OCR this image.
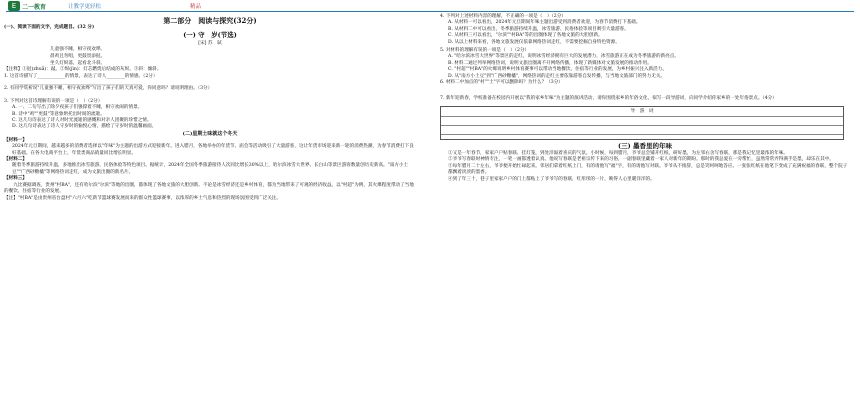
E 二一教育	让教学更轻松	精品
第二部分　阅读与探究(32分)
(一)、阅读下面的文字，完成题目。(32 分)
(一) 守　岁(节选)
[宋] 苏　轼
儿童强不睡，相守夜欢哗。
晨鸡且勿唱，更鼓畏添挝。
坐久灯烬落，起看北斗斜。
【注释】①挝(zhuā)：敲。②烬(jìn)：灯芯燃烧后结成的灰烬。③斜：倾斜。
1. 这首诗描写了____________的情景，表达了诗人________的情感。（2分）
　　________________________________________________________
2. 有同学赏析说"儿童强不睡，相守夜欢哗"写出了孩子们的天真可爱，你同意吗？请说明理由。（3分）
3. 下列对这首诗理解有误的一项是（　）（2分）
A. 一、二句写出了除夕夜孩子们强撑着不睡，相守欢闹的情景。
B. 诗中"鸡""更鼓"等意象烘托出时间的流逝。
C. 这几句诗表达了诗人对时光流逝的感慨和对亲人团聚的珍惜之情。
D. 这几句诗表达了诗人守岁时的愉悦心情，描绘了守岁时的温馨画面。
(二)星期土味就这个冬天
【材料一】
2024年元旦期间，越来越多的消费者选择以"年味"为主题的出游方式迎接新年。进入腊月，各地举办的年货节、庙会等活动吸引了大量游客，这让年货市场迎来新一轮的消费热潮，为春节消费打下良好基础。在各大电商平台上，年货类商品销量同比增长明显。
【材料二】
随着冬季旅游持续升温，多地推出冰雪旅游、民俗体验等特色项目。据统计，2024年全国冬季旅游接待人次同比增长30%以上，哈尔滨冰雪大世界、长白山等景区游客数量创历史新高。"南方小土豆""广西砂糖橘"等网络热词走红，成为文旅出圈的新名片。
【材料三】
　　九比赛据调查，贵州"村BA"，还有哈尔滨"尔滨"等地的出圈，都体现了各地文旅的大胆创新。不论是冰雪经济还是乡村体育，都为当地带来了可观的经济收益。以"村超"为例，其火爆程度带动了当地的餐饮、住宿等行业的发展。
【注】"村BA"是由贵州省台盘村"六月六"吃新节篮球赛发展而来的群众性篮球赛事，以浓厚的乡土气息和热烈的现场氛围受到广泛关注。
4. 下列对上述材料内容的理解，不正确的一项是（　）（2分）
A. 从材料一可以看出，2024年元旦期间年味主题出游受到消费者欢迎，为春节消费打下基础。
B. 从材料二中可以看出，冬季旅游持续升温，冰雪旅游、民俗体验等项目吸引大量游客。
C. 从材料三可以看出，"尔滨""村BA"等的出圈体现了各地文旅的大胆创新。
D. 从以上材料来看，各地文旅发展仅依靠网络热词走红，不需要挖掘自身特色资源。
5. 对材料的理解有误的一项是（　）（2分）
A. "哈尔滨冰雪大世界"等景区的走红，说明冰雪经济拥有巨大的发展潜力，冰雪旅游正在成为冬季旅游的新亮点。
B. 材料二通过列举网络热词，说明文旅出圈离不开网络传播，体现了新媒体对文旅发展的推动作用。
C. "村超""村BA"的火爆说明乡村体育赛事可以带动当地餐饮、住宿等行业的发展，为乡村振兴注入新活力。
D. 从"南方小土豆"到"广西砂糖橘"，网络热词的走红主要依靠游客自发传播，与当地文旅部门的努力无关。
6. 材料二中加点的"村""土"字可以删除吗？为什么？（3分）
7. 新年迎新春，学校准备在校园内开展以"我的家乡年味"为主题的演讲活动，请你围绕家乡的年俗文化，拟写一段导游词，向同学介绍你家乡的一处年俗景点。（4分）
导　游　词
(三) 墨香里的年味
①又是一年春节，家家户户贴春联、挂灯笼，到处洋溢着喜庆的气氛。小时候，每到腊月，爷爷总会铺开红纸，研好墨，为左邻右舍写春联，那是我记忆里最浓的年味。
②爷爷写春联时神情专注，一笔一画都透着认真。他说写春联是老祖宗传下来的习俗，一副春联里藏着一家人对新年的期盼。那时的我总爱在一旁帮忙，虽然常常弄得满手是墨，却乐在其中。
③每年腊月二十左右，爷爷便开始忙碌起来。邻居们拿着红纸上门，有的请他写"福"字，有的请他写对联。爷爷从不推辞，总是笑呵呵地答应。一张张红纸在他笔下变成了充满祝福的春联，整个院子都飘着淡淡的墨香。
④到了年三十，巷子里家家户户的门上都贴上了爷爷写的春联，红彤彤的一片，映得人心里暖洋洋的。
